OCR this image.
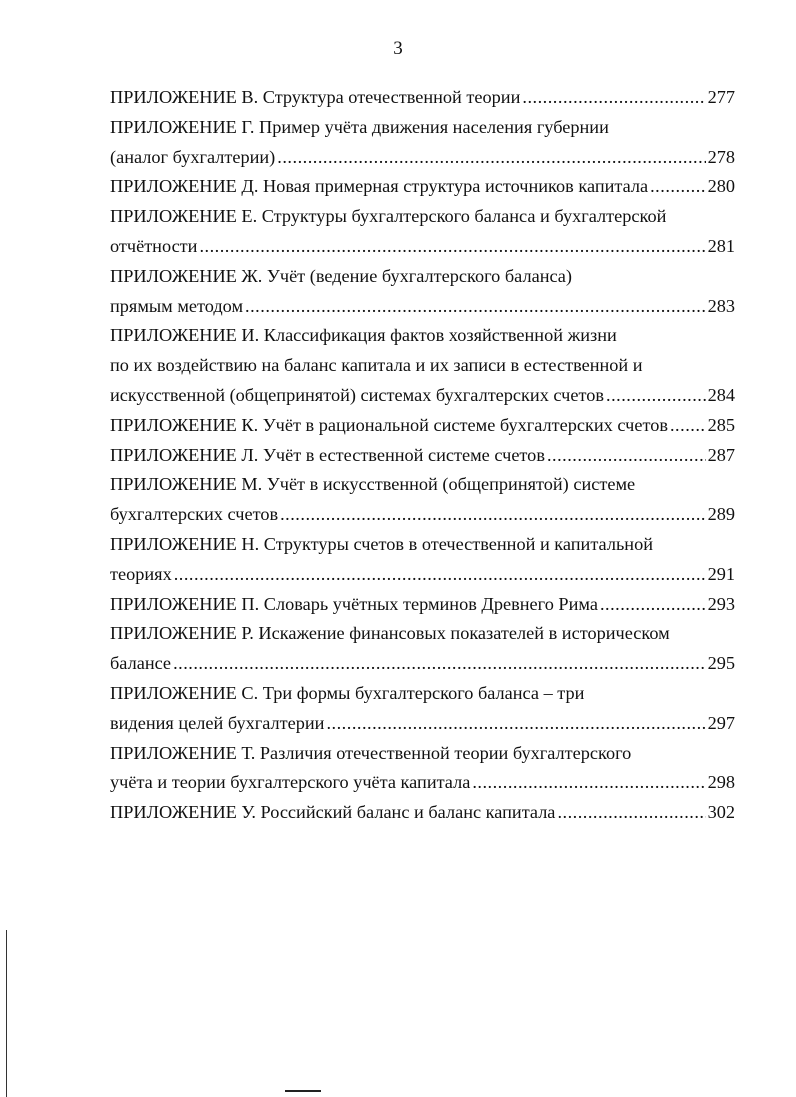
3
ПРИЛОЖЕНИЕ В. Структура отечественной теории .....	277
ПРИЛОЖЕНИЕ Г. Пример учёта движения населения губернии
(аналог бухгалтерии) .....	278
ПРИЛОЖЕНИЕ Д. Новая примерная структура источников капитала .....	280
ПРИЛОЖЕНИЕ Е. Структуры бухгалтерского баланса и бухгалтерской
отчётности .....	281
ПРИЛОЖЕНИЕ Ж. Учёт (ведение бухгалтерского баланса)
прямым методом .....	283
ПРИЛОЖЕНИЕ И. Классификация фактов хозяйственной жизни
по их воздействию на баланс капитала и их записи в естественной и
искусственной (общепринятой) системах бухгалтерских счетов .....	284
ПРИЛОЖЕНИЕ К. Учёт в рациональной системе бухгалтерских счетов ..... 285
ПРИЛОЖЕНИЕ Л. Учёт в естественной системе счетов .....	287
ПРИЛОЖЕНИЕ М. Учёт в искусственной (общепринятой) системе
бухгалтерских счетов .....	289
ПРИЛОЖЕНИЕ Н. Структуры счетов в отечественной и капитальной
теориях .....	291
ПРИЛОЖЕНИЕ П. Словарь учётных терминов Древнего Рима .....	293
ПРИЛОЖЕНИЕ Р. Искажение финансовых показателей в историческом
балансе .....	295
ПРИЛОЖЕНИЕ С. Три формы бухгалтерского баланса – три
видения целей бухгалтерии .....	297
ПРИЛОЖЕНИЕ Т. Различия отечественной теории бухгалтерского
учёта и теории бухгалтерского учёта капитала .....	298
ПРИЛОЖЕНИЕ У. Российский баланс и баланс капитала .....	302
